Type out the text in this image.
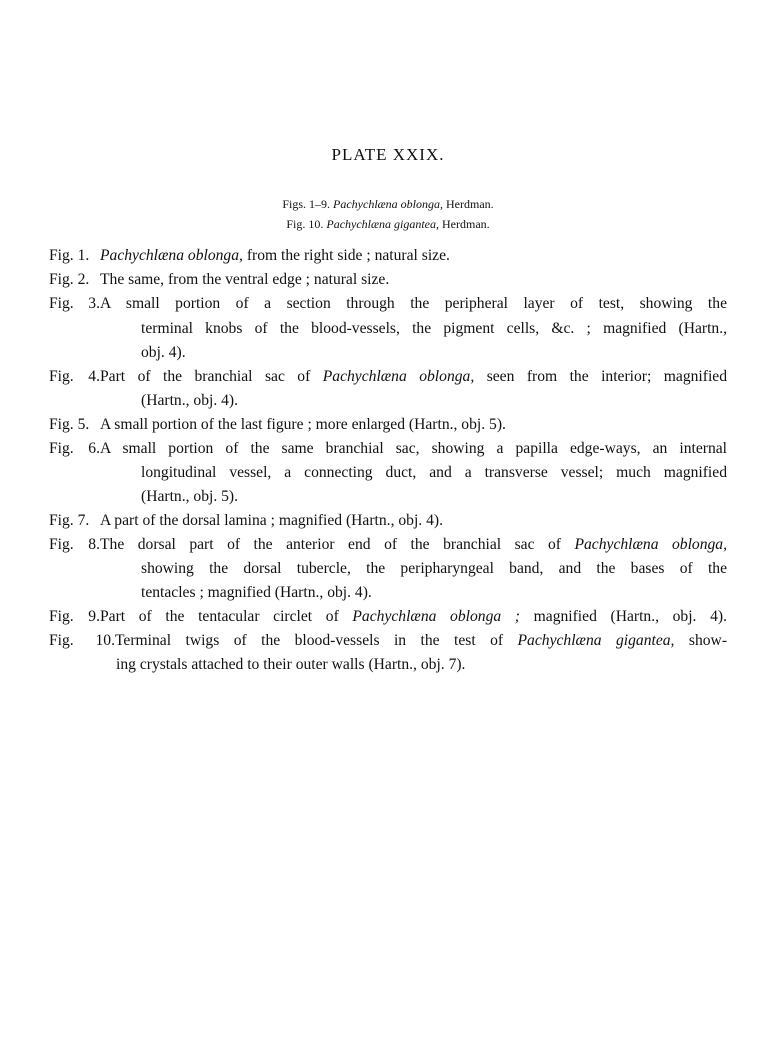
PLATE XXIX.
Figs. 1–9. Pachychlæna oblonga, Herdman.
Fig. 10. Pachychlæna gigantea, Herdman.
Fig. 1. Pachychlæna oblonga, from the right side ; natural size.
Fig. 2. The same, from the ventral edge ; natural size.
Fig. 3.A small portion of a section through the peripheral layer of test, showing the
terminal knobs of the blood-vessels, the pigment cells, &c. ; magnified (Hartn.,
obj. 4).
Fig. 4.Part of the branchial sac of Pachychlæna oblonga, seen from the interior; magnified
(Hartn., obj. 4).
Fig. 5. A small portion of the last figure ; more enlarged (Hartn., obj. 5).
Fig. 6.A small portion of the same branchial sac, showing a papilla edge-ways, an internal
longitudinal vessel, a connecting duct, and a transverse vessel; much magnified
(Hartn., obj. 5).
Fig. 7. A part of the dorsal lamina ; magnified (Hartn., obj. 4).
Fig. 8.The dorsal part of the anterior end of the branchial sac of Pachychlæna oblonga,
showing the dorsal tubercle, the peripharyngeal band, and the bases of the
tentacles ; magnified (Hartn., obj. 4).
Fig. 9.Part of the tentacular circlet of Pachychlæna oblonga ; magnified (Hartn., obj. 4).
Fig. 10.Terminal twigs of the blood-vessels in the test of Pachychlæna gigantea, show-
ing crystals attached to their outer walls (Hartn., obj. 7).
